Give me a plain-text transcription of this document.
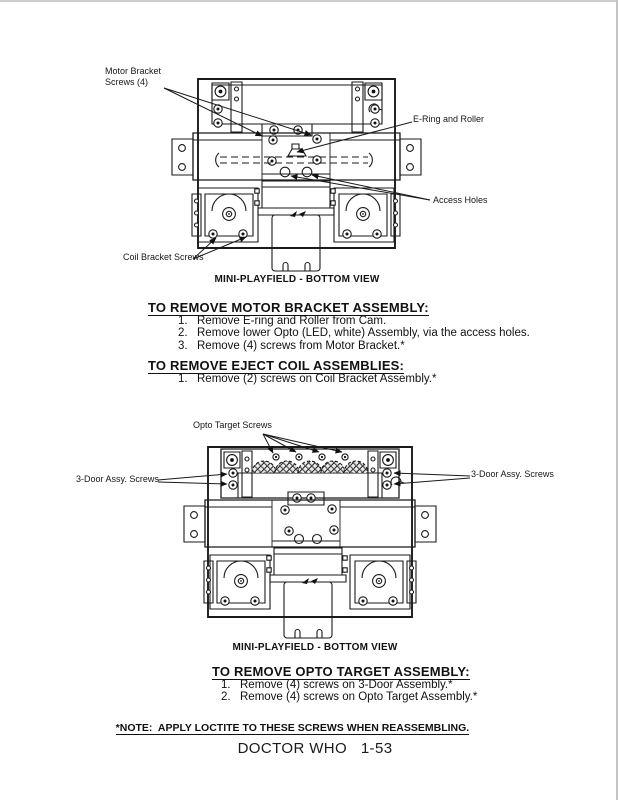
Motor Bracket
Screws (4)
E-Ring and Roller
Access Holes
Coil Bracket Screws
MINI-PLAYFIELD - BOTTOM VIEW
TO REMOVE MOTOR BRACKET ASSEMBLY:
1. Remove E-ring and Roller from Cam.
2. Remove lower Opto (LED, white) Assembly, via the access holes.
3. Remove (4) screws from Motor Bracket.*
TO REMOVE EJECT COIL ASSEMBLIES:
1. Remove (2) screws on Coil Bracket Assembly.*
Opto Target Screws
3-Door Assy. Screws	3-Door Assy. Screws
MINI-PLAYFIELD - BOTTOM VIEW
TO REMOVE OPTO TARGET ASSEMBLY:
1. Remove (4) screws on 3-Door Assembly.*
2. Remove (4) screws on Opto Target Assembly.*

*NOTE:  APPLY LOCTITE TO THESE SCREWS WHEN REASSEMBLING.

DOCTOR WHO   1-53
